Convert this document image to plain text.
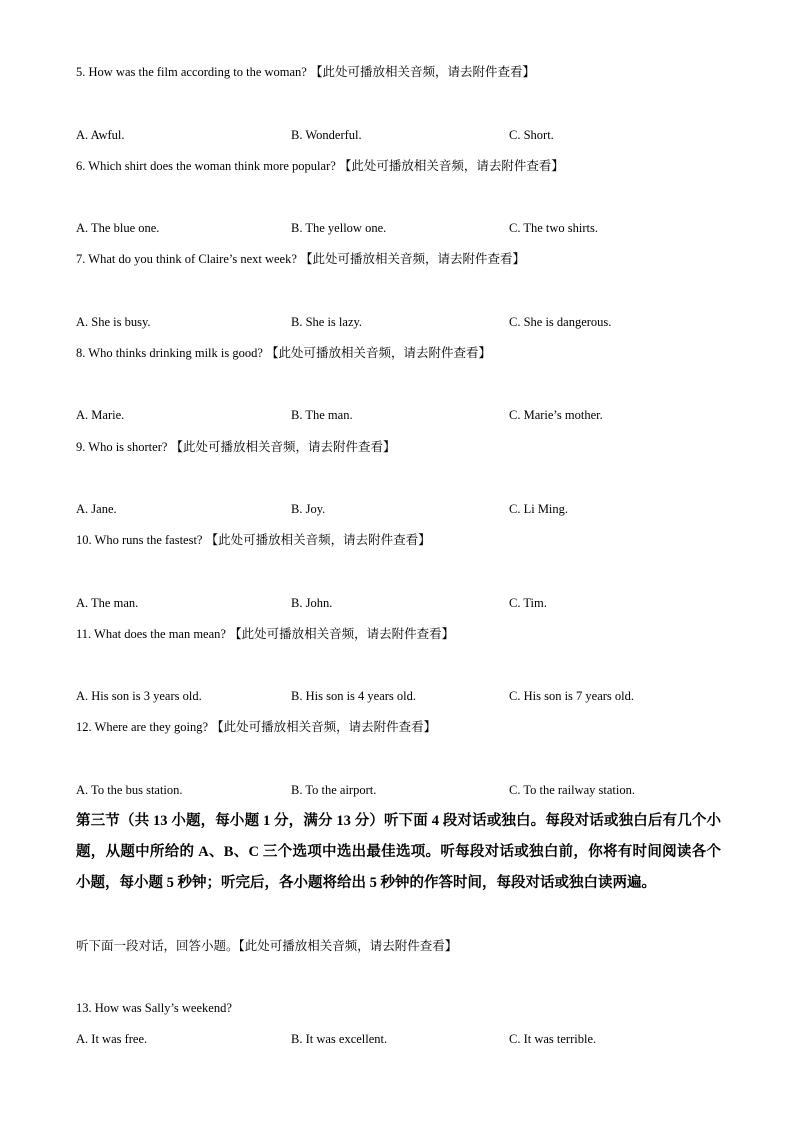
5. How was the film according to the woman? 【此处可播放相关音频，请去附件查看】
A. Awful.	B. Wonderful.	C. Short.
6. Which shirt does the woman think more popular? 【此处可播放相关音频，请去附件查看】
A. The blue one.	B. The yellow one.	C. The two shirts.
7. What do you think of Claire’s next week? 【此处可播放相关音频，请去附件查看】
A. She is busy.	B. She is lazy.	C. She is dangerous.
8. Who thinks drinking milk is good? 【此处可播放相关音频，请去附件查看】
A. Marie.	B. The man.	C. Marie’s mother.
9. Who is shorter? 【此处可播放相关音频，请去附件查看】
A. Jane.	B. Joy.	C. Li Ming.
10. Who runs the fastest? 【此处可播放相关音频，请去附件查看】
A. The man.	B. John.	C. Tim.
11. What does the man mean? 【此处可播放相关音频，请去附件查看】
A. His son is 3 years old.	B. His son is 4 years old.	C. His son is 7 years old.
12. Where are they going? 【此处可播放相关音频，请去附件查看】
A. To the bus station.	B. To the airport.	C. To the railway station.
第三节（共 13 小题，每小题 1 分，满分 13 分）听下面 4 段对话或独白。每段对话或独白后有几个小题，从题中所给的 A、B、C 三个选项中选出最佳选项。听每段对话或独白前，你将有时间阅读各个小题，每小题 5 秒钟；听完后，各小题将给出 5 秒钟的作答时间，每段对话或独白读两遍。
听下面一段对话，回答小题。【此处可播放相关音频，请去附件查看】
13. How was Sally’s weekend?
A. It was free.	B. It was excellent.	C. It was terrible.
